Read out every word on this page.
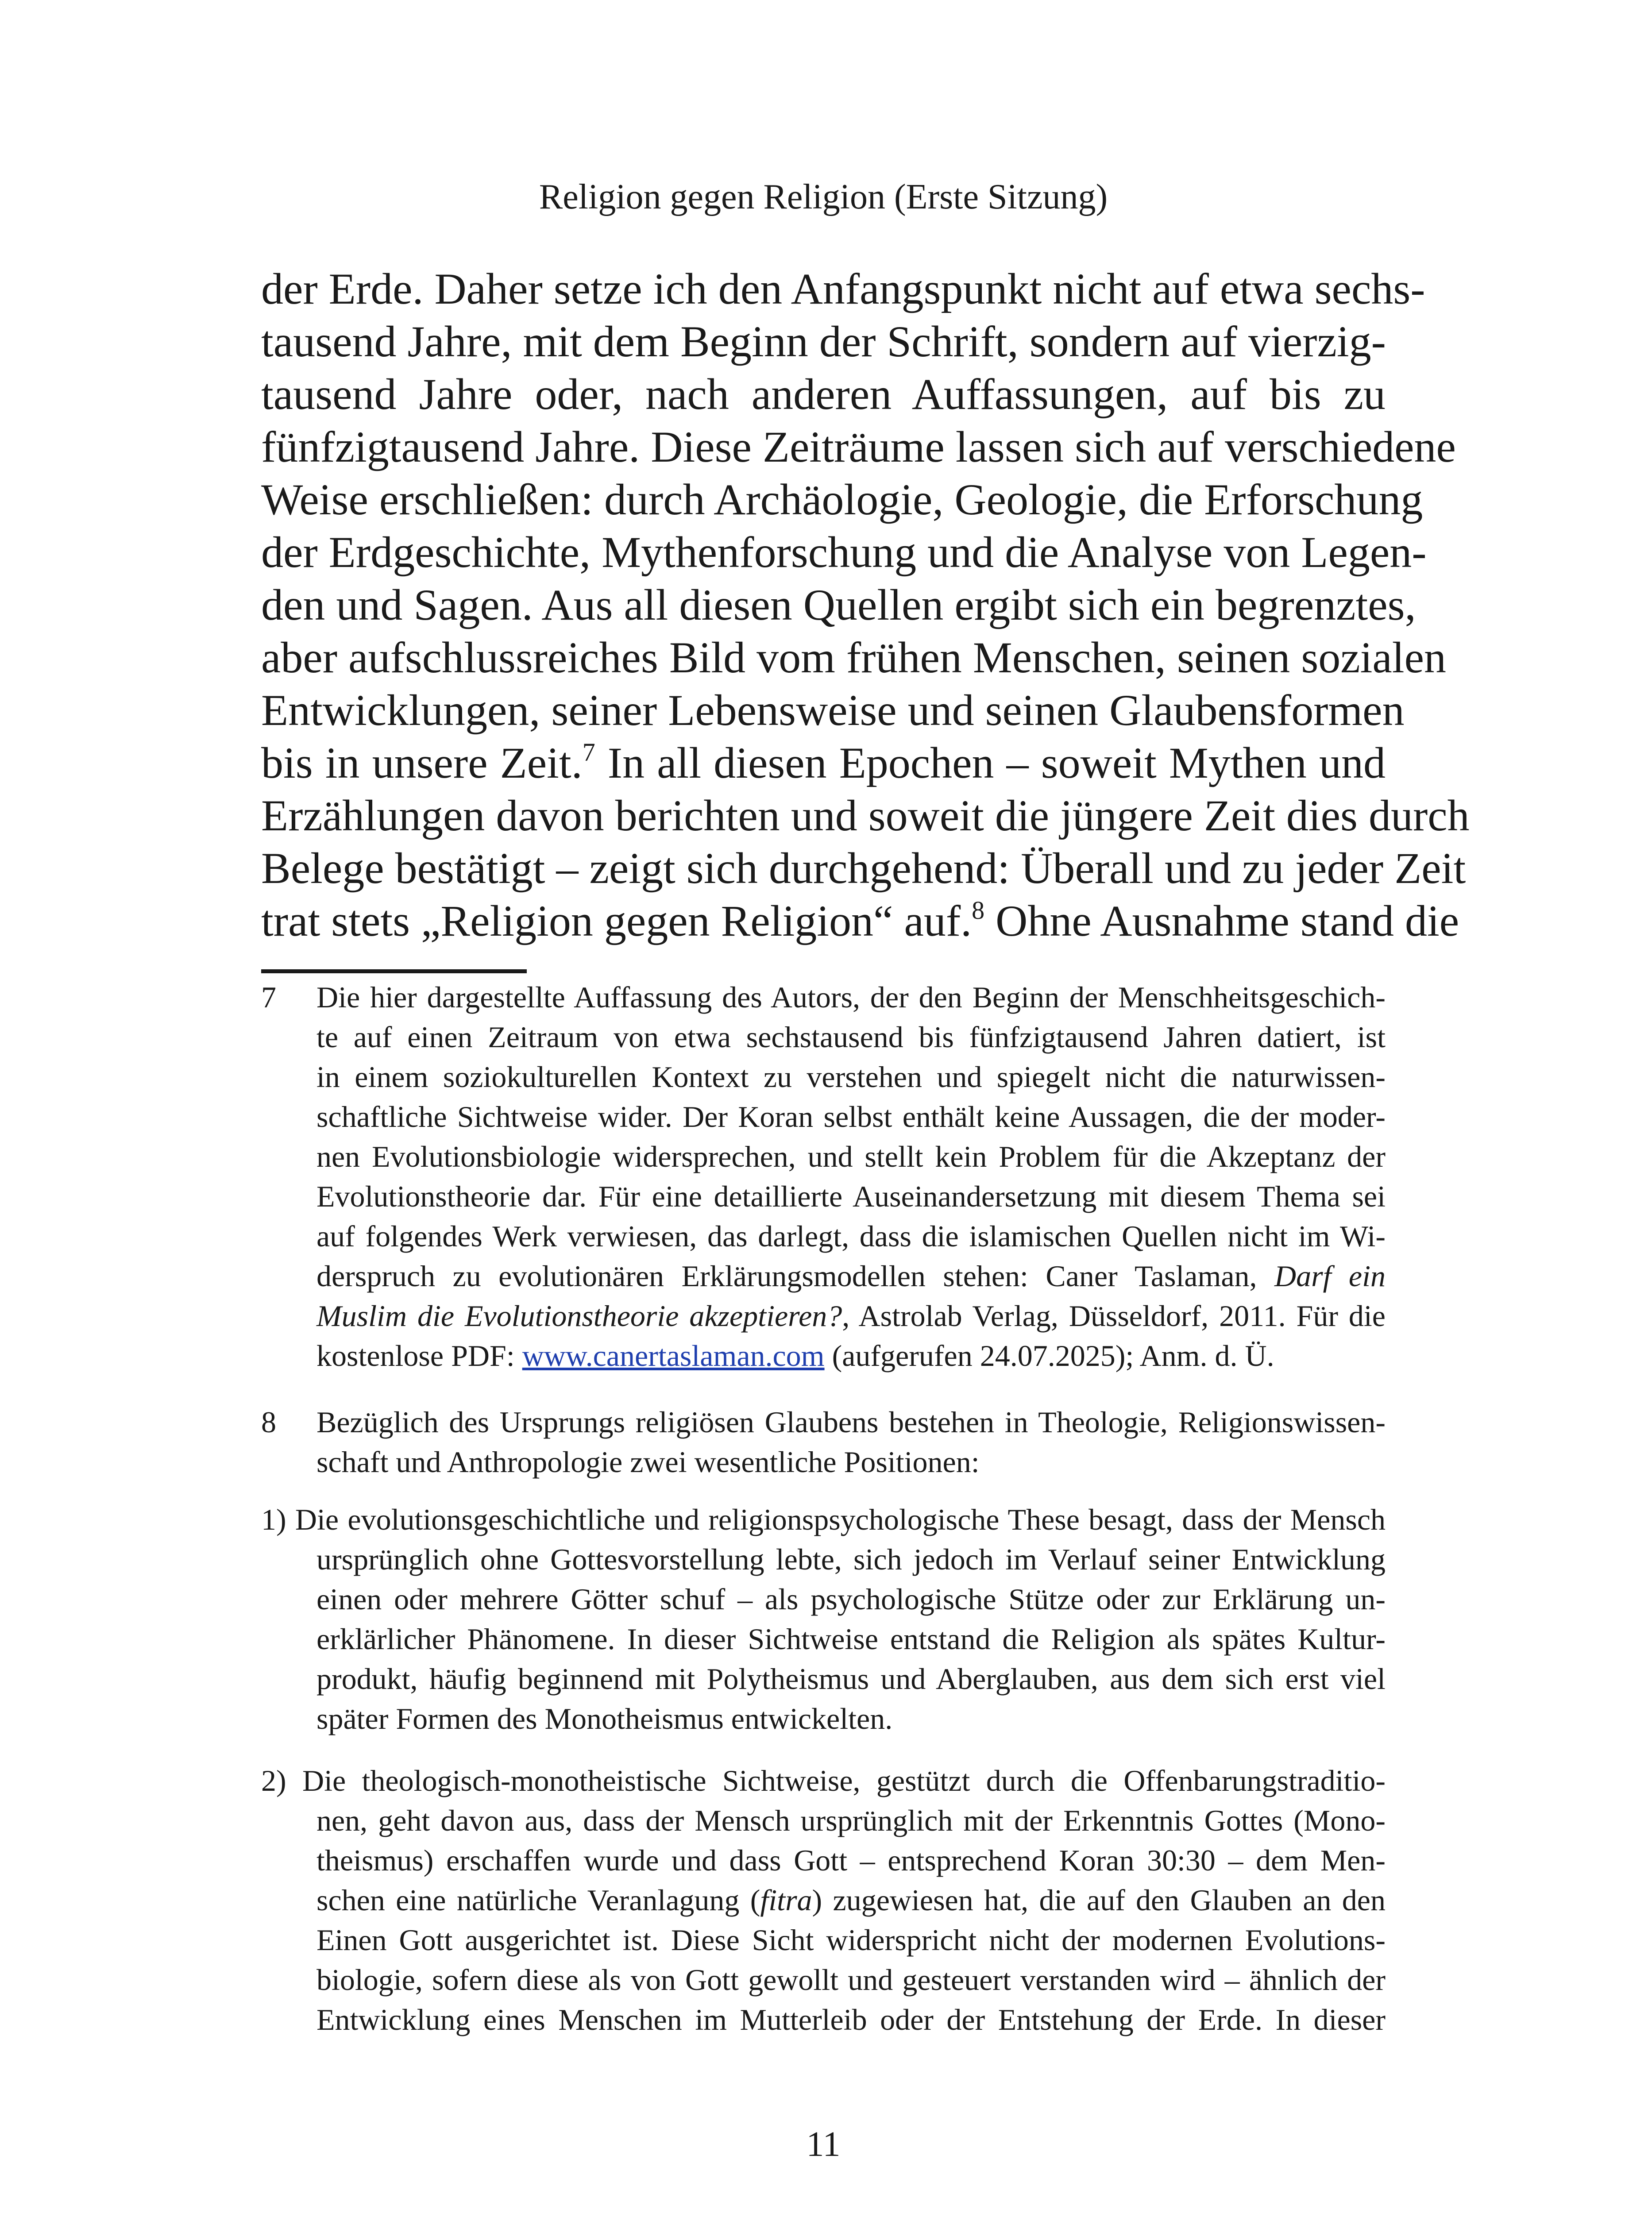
Religion gegen Religion (Erste Sitzung)
der Erde. Daher setze ich den Anfangspunkt nicht auf etwa sechs-
tausend Jahre, mit dem Beginn der Schrift, sondern auf vierzig-
tausend Jahre oder, nach anderen Auffassungen, auf bis zu
fünfzigtausend Jahre. Diese Zeiträume lassen sich auf verschiedene
Weise erschließen: durch Archäologie, Geologie, die Erforschung
der Erdgeschichte, Mythenforschung und die Analyse von Legen-
den und Sagen. Aus all diesen Quellen ergibt sich ein begrenztes,
aber aufschlussreiches Bild vom frühen Menschen, seinen sozialen
Entwicklungen, seiner Lebensweise und seinen Glaubensformen
bis in unsere Zeit.$^7$ In all diesen Epochen – soweit Mythen und
Erzählungen davon berichten und soweit die jüngere Zeit dies durch
Belege bestätigt – zeigt sich durchgehend: Überall und zu jeder Zeit
trat stets „Religion gegen Religion“ auf.$^8$ Ohne Ausnahme stand die
7	Die hier dargestellte Auffassung des Autors, der den Beginn der Menschheitsgeschich-
te auf einen Zeitraum von etwa sechstausend bis fünfzigtausend Jahren datiert, ist
in einem soziokulturellen Kontext zu verstehen und spiegelt nicht die naturwissen-
schaftliche Sichtweise wider. Der Koran selbst enthält keine Aussagen, die der moder-
nen Evolutionsbiologie widersprechen, und stellt kein Problem für die Akzeptanz der
Evolutionstheorie dar. Für eine detaillierte Auseinandersetzung mit diesem Thema sei
auf folgendes Werk verwiesen, das darlegt, dass die islamischen Quellen nicht im Wi-
derspruch zu evolutionären Erklärungsmodellen stehen: Caner Taslaman, Darf ein
Muslim die Evolutionstheorie akzeptieren?, Astrolab Verlag, Düsseldorf, 2011. Für die
kostenlose PDF: www.canertaslaman.com (aufgerufen 24.07.2025); Anm. d. Ü.
8	Bezüglich des Ursprungs religiösen Glaubens bestehen in Theologie, Religionswissen-
schaft und Anthropologie zwei wesentliche Positionen:
1) Die evolutionsgeschichtliche und religionspsychologische These besagt, dass der Mensch
ursprünglich ohne Gottesvorstellung lebte, sich jedoch im Verlauf seiner Entwicklung
einen oder mehrere Götter schuf – als psychologische Stütze oder zur Erklärung un-
erklärlicher Phänomene. In dieser Sichtweise entstand die Religion als spätes Kultur-
produkt, häufig beginnend mit Polytheismus und Aberglauben, aus dem sich erst viel
später Formen des Monotheismus entwickelten.
2) Die theologisch-monotheistische Sichtweise, gestützt durch die Offenbarungstraditio-
nen, geht davon aus, dass der Mensch ursprünglich mit der Erkenntnis Gottes (Mono-
theismus) erschaffen wurde und dass Gott – entsprechend Koran 30:30 – dem Men-
schen eine natürliche Veranlagung (fitra) zugewiesen hat, die auf den Glauben an den
Einen Gott ausgerichtet ist. Diese Sicht widerspricht nicht der modernen Evolutions-
biologie, sofern diese als von Gott gewollt und gesteuert verstanden wird – ähnlich der
Entwicklung eines Menschen im Mutterleib oder der Entstehung der Erde. In dieser
11
